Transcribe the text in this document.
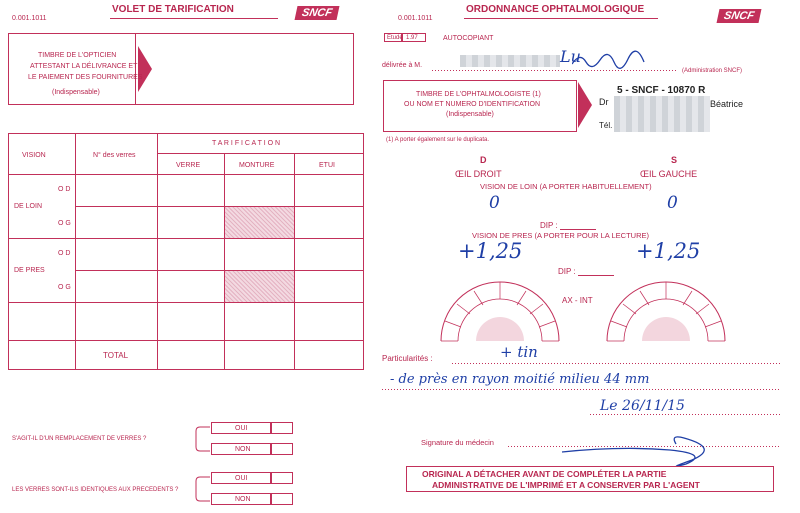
0.001.1011
VOLET DE TARIFICATION	SNCF
TIMBRE DE L'OPTICIEN
ATTESTANT LA DÉLIVRANCE ET
LE PAIEMENT DES FOURNITURES
(Indispensable)
VISION	N° des verres
T A R I F I C A T I O N
VERRE	MONTURE	ETUI
O D
DE LOIN
O G
O D
DE PRES
O G
TOTAL
S'AGIT-IL D'UN REMPLACEMENT DE VERRES ?
OUI
NON
LES VERRES SONT-ILS IDENTIQUES AUX PRECEDENTS ?
OUI
NON
0.001.1011
ORDONNANCE OPHTALMOLOGIQUE
SNCF
Etude 1.97	AUTOCOPIANT
délivrée à M.	Lu
(Administration SNCF)
TIMBRE DE L'OPHTALMOLOGISTE (1)
OU NOM ET NUMERO D'IDENTIFICATION
(Indispensable)
(1) A porter également sur le duplicata.
5 - SNCF - 10870 R
Dr	Béatrice
Tél.
D	S
ŒIL DROIT	ŒIL GAUCHE
VISION DE LOIN (A PORTER HABITUELLEMENT)
0	0
DIP :
VISION DE PRES (A PORTER POUR LA LECTURE)
+1,25	+1,25
DIP :
AX - INT
Particularités :	+ tin
- de près en rayon moitié milieu 44 mm
Le 26/11/15
Signature du médecin
ORIGINAL A DÉTACHER AVANT DE COMPLÉTER LA PARTIE
ADMINISTRATIVE DE L'IMPRIMÉ ET A CONSERVER PAR L'AGENT
